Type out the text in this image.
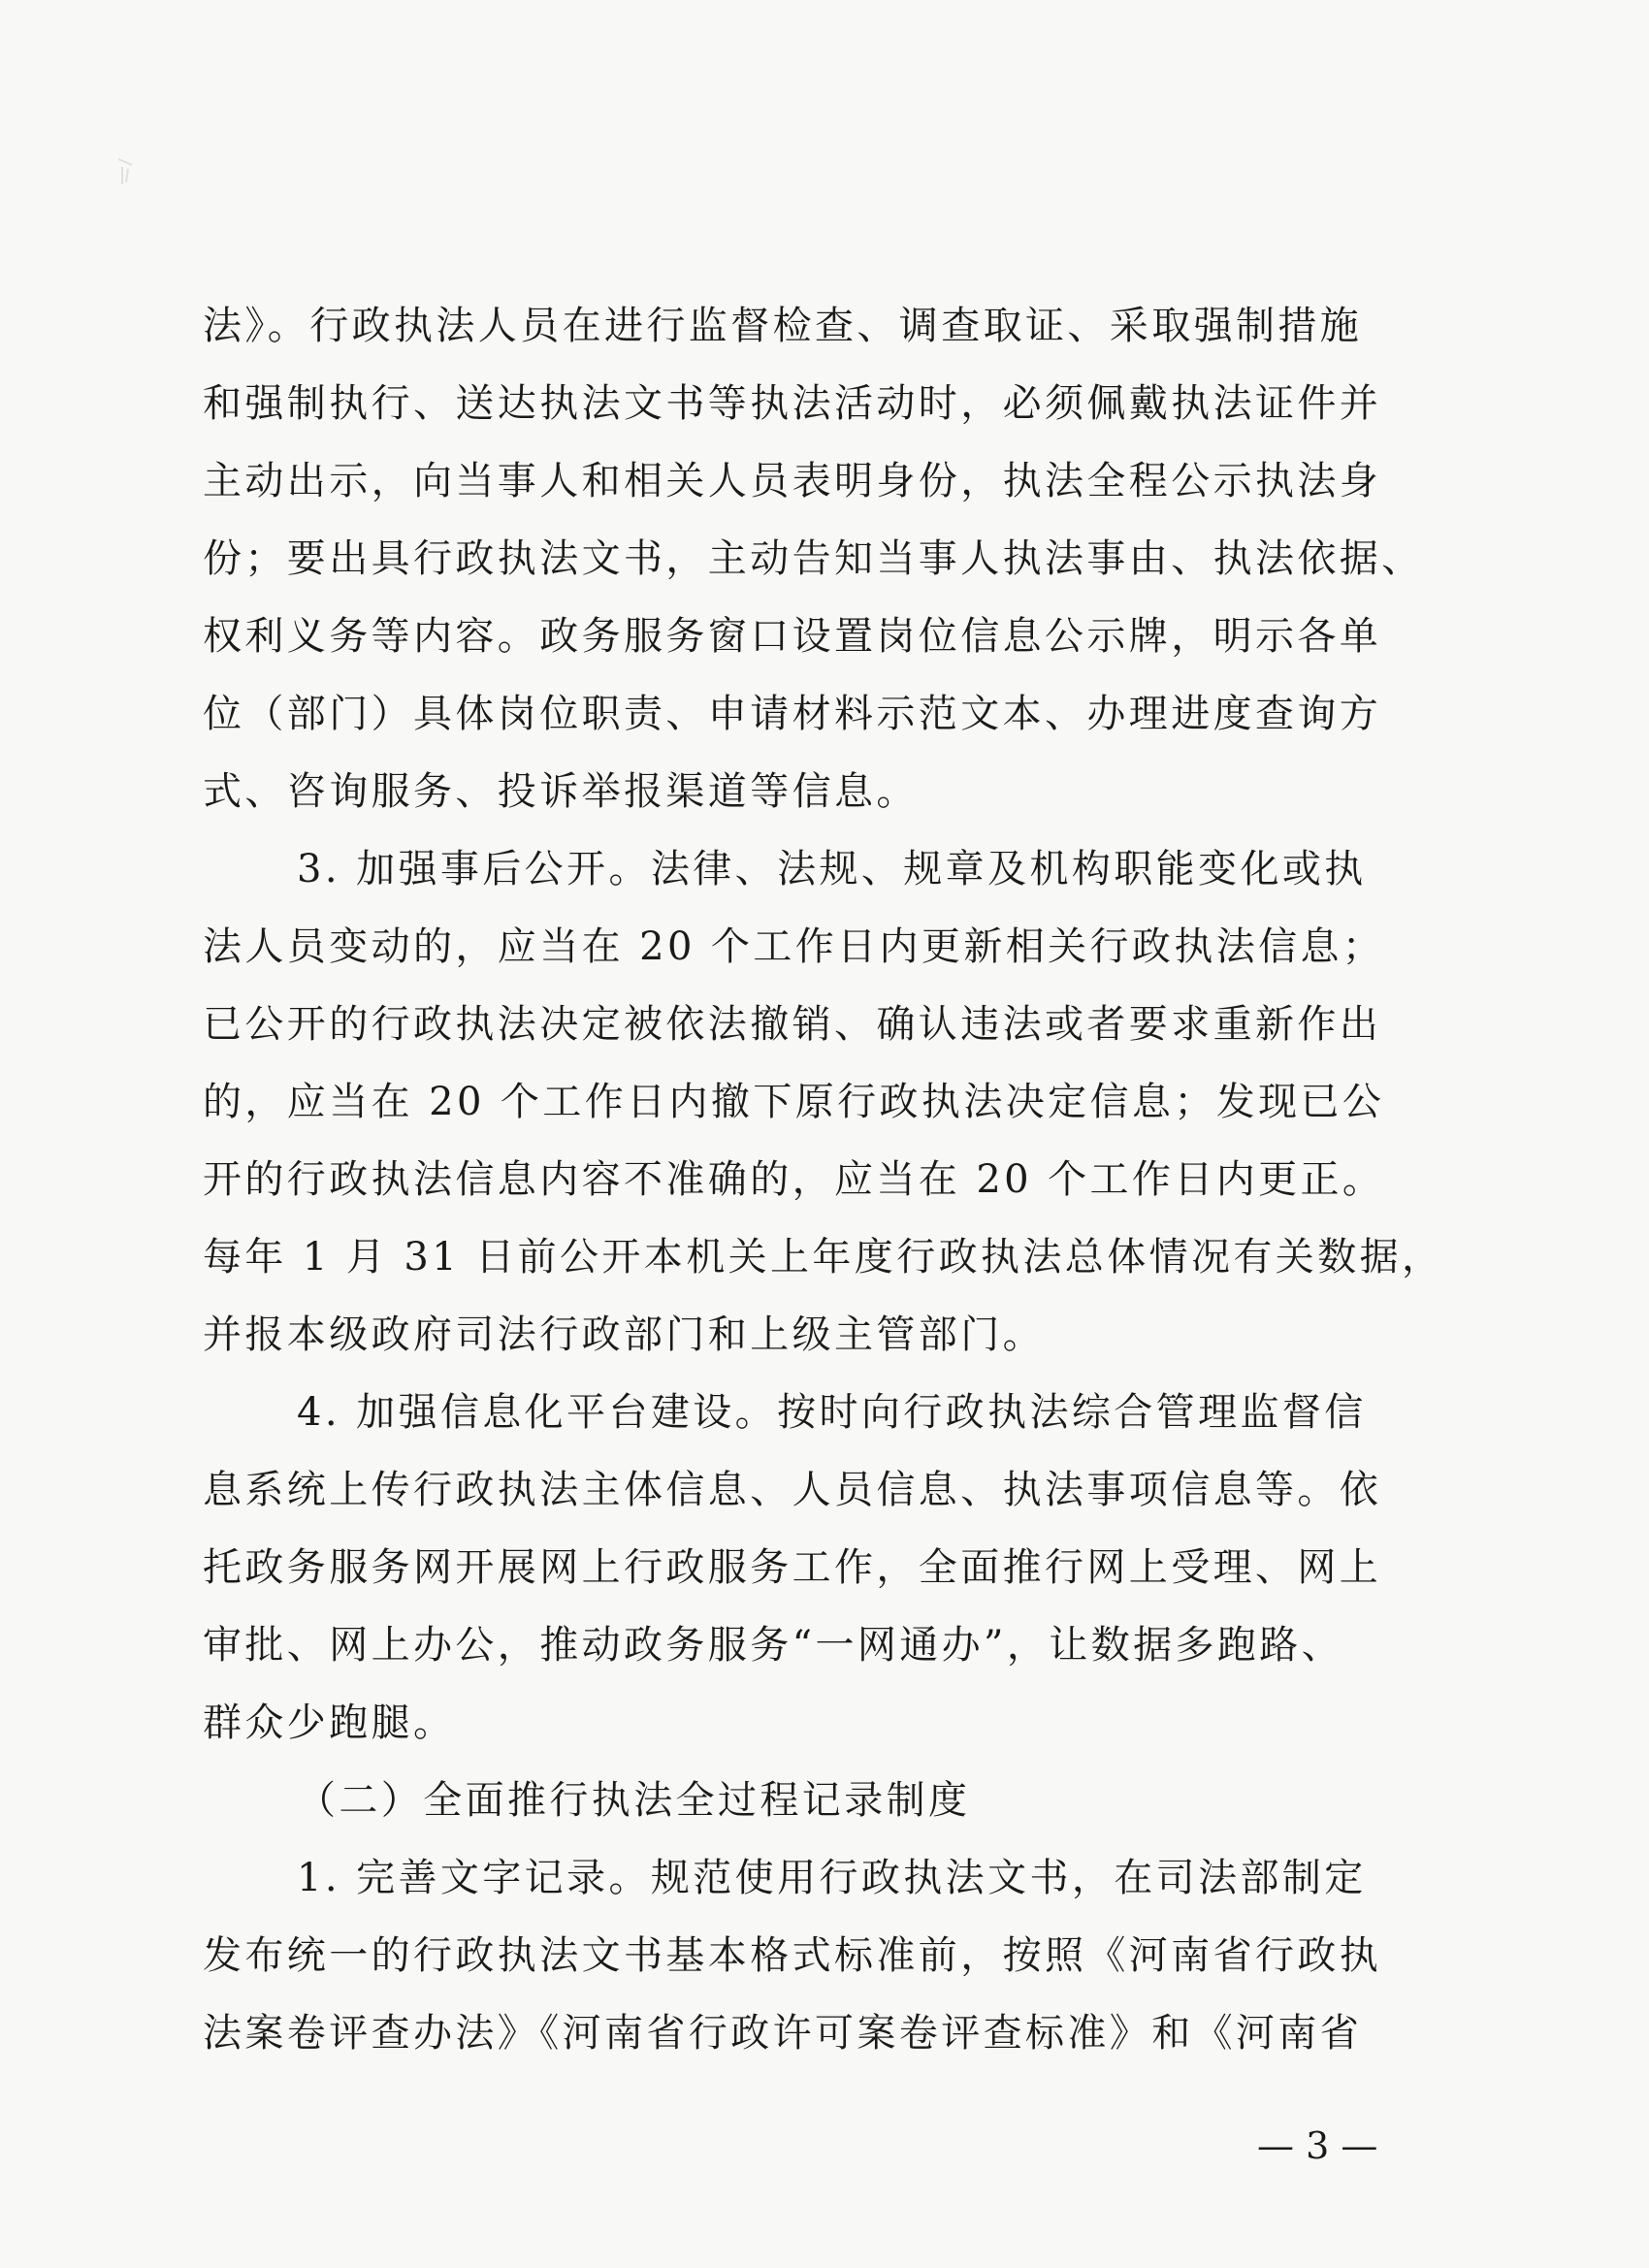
法》。行政执法人员在进行监督检查、调查取证、采取强制措施
和强制执行、送达执法文书等执法活动时，必须佩戴执法证件并
主动出示，向当事人和相关人员表明身份，执法全程公示执法身
份；要出具行政执法文书，主动告知当事人执法事由、执法依据、
权利义务等内容。政务服务窗口设置岗位信息公示牌，明示各单
位（部门）具体岗位职责、申请材料示范文本、办理进度查询方
式、咨询服务、投诉举报渠道等信息。
3. 加强事后公开。法律、法规、规章及机构职能变化或执
法人员变动的，应当在 20 个工作日内更新相关行政执法信息；
已公开的行政执法决定被依法撤销、确认违法或者要求重新作出
的，应当在 20 个工作日内撤下原行政执法决定信息；发现已公
开的行政执法信息内容不准确的，应当在 20 个工作日内更正。
每年 1 月 31 日前公开本机关上年度行政执法总体情况有关数据，
并报本级政府司法行政部门和上级主管部门。
4. 加强信息化平台建设。按时向行政执法综合管理监督信
息系统上传行政执法主体信息、人员信息、执法事项信息等。依
托政务服务网开展网上行政服务工作，全面推行网上受理、网上
审批、网上办公，推动政务服务“一网通办”，让数据多跑路、
群众少跑腿。
（二）全面推行执法全过程记录制度
1. 完善文字记录。规范使用行政执法文书，在司法部制定
发布统一的行政执法文书基本格式标准前，按照《河南省行政执
法案卷评查办法》《河南省行政许可案卷评查标准》和《河南省
— 3 —
